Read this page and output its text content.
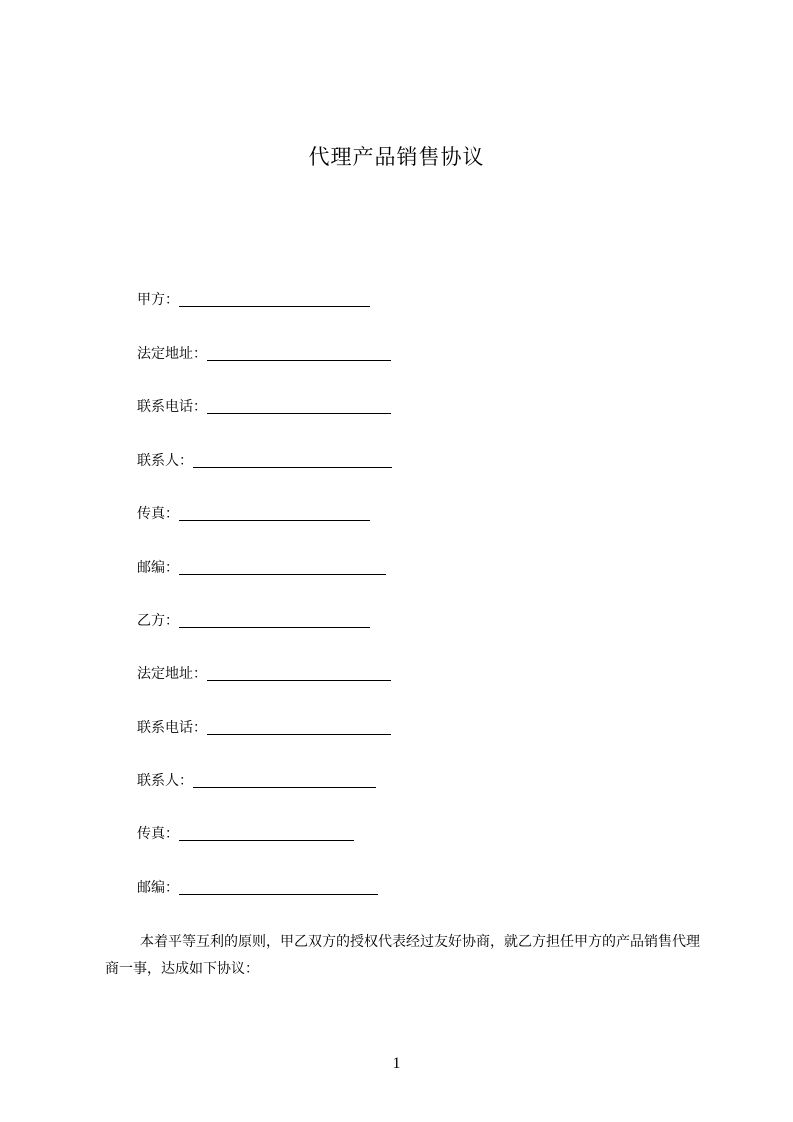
代理产品销售协议
甲方：
法定地址：
联系电话：
联系人：
传真：
邮编：
乙方：
法定地址：
联系电话：
联系人：
传真：
邮编：
本着平等互利的原则，甲乙双方的授权代表经过友好协商，就乙方担任甲方的产品销售代理商一事，达成如下协议：
1
